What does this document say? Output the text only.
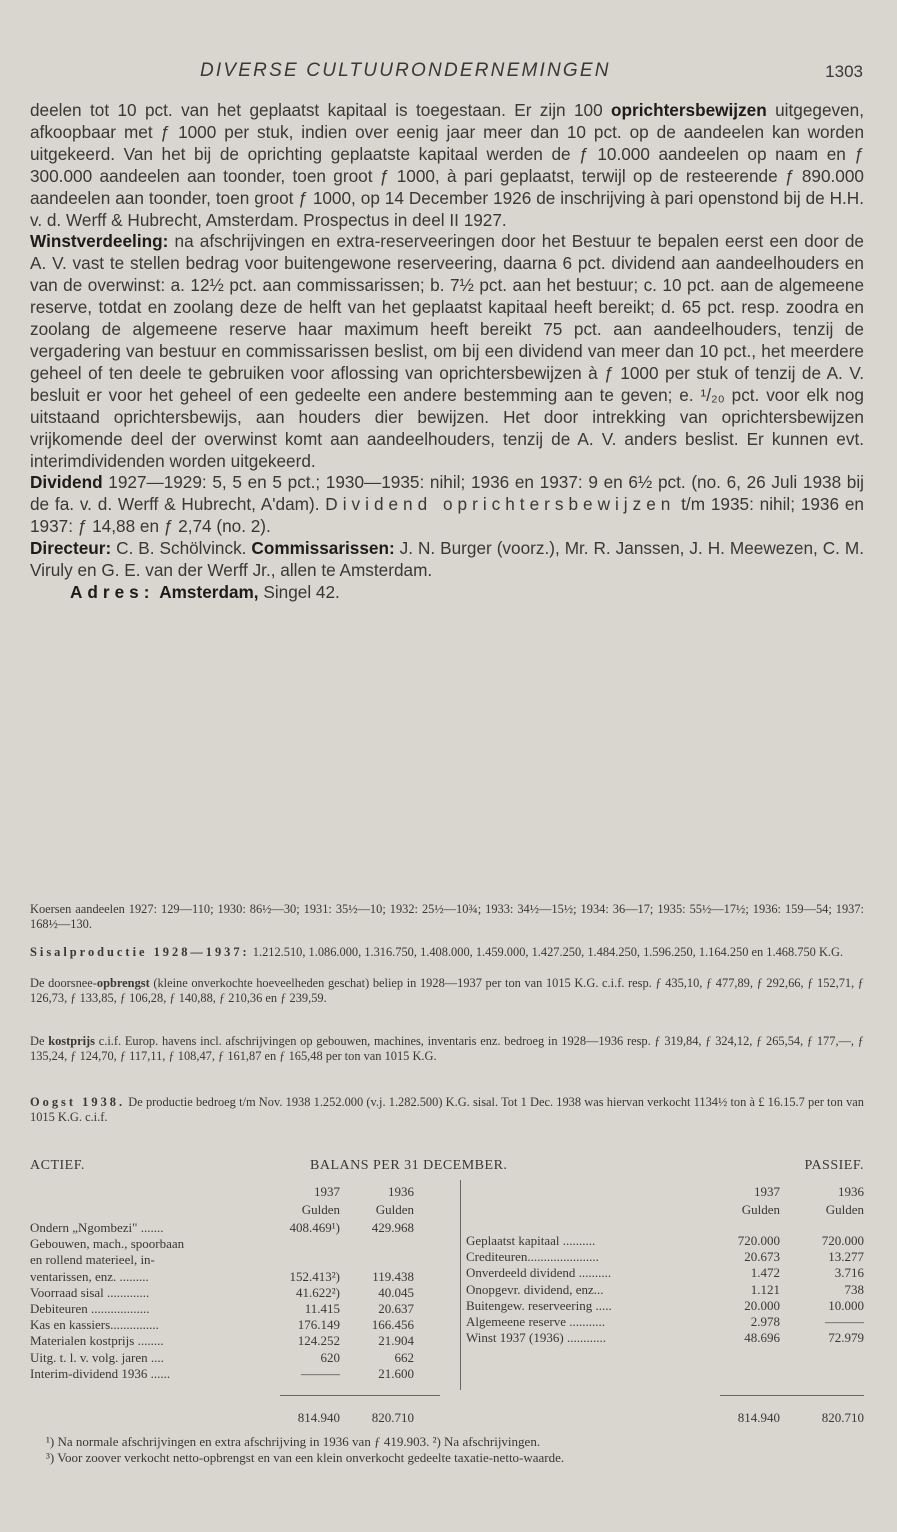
DIVERSE CULTUURONDERNEMINGEN	1303

deelen tot 10 pct. van het geplaatst kapitaal is toegestaan. Er zijn 100 oprichtersbewijzen uitgegeven, afkoopbaar met ƒ 1000 per stuk, indien over eenig jaar meer dan 10 pct. op de aandeelen kan worden uitgekeerd. Van het bij de oprichting geplaatste kapitaal werden de ƒ 10.000 aandeelen op naam en ƒ 300.000 aandeelen aan toonder, toen groot ƒ 1000, à pari geplaatst, terwijl op de resteerende ƒ 890.000 aandeelen aan toonder, toen groot ƒ 1000, op 14 December 1926 de inschrijving à pari openstond bij de H.H. v. d. Werff & Hubrecht, Amsterdam. Prospectus in deel II 1927.

Winstverdeeling: na afschrijvingen en extra-reserveeringen door het Bestuur te bepalen eerst een door de A. V. vast te stellen bedrag voor buitengewone reserveering, daarna 6 pct. dividend aan aandeelhouders en van de overwinst: a. 12½ pct. aan commissarissen; b. 7½ pct. aan het bestuur; c. 10 pct. aan de algemeene reserve, totdat en zoolang deze de helft van het geplaatst kapitaal heeft bereikt; d. 65 pct. resp. zoodra en zoolang de algemeene reserve haar maximum heeft bereikt 75 pct. aan aandeelhouders, tenzij de vergadering van bestuur en commissarissen beslist, om bij een dividend van meer dan 10 pct., het meerdere geheel of ten deele te gebruiken voor aflossing van oprichtersbewijzen à ƒ 1000 per stuk of tenzij de A. V. besluit er voor het geheel of een gedeelte een andere bestemming aan te geven; e. ¹/₂₀ pct. voor elk nog uitstaand oprichtersbewijs, aan houders dier bewijzen. Het door intrekking van oprichtersbewijzen vrijkomende deel der overwinst komt aan aandeelhouders, tenzij de A. V. anders beslist. Er kunnen evt. interimdividenden worden uitgekeerd.

Dividend 1927—1929: 5, 5 en 5 pct.; 1930—1935: nihil; 1936 en 1937: 9 en 6½ pct. (no. 6, 26 Juli 1938 bij de fa. v. d. Werff & Hubrecht, A'dam). Dividend oprichtersbewijzen t/m 1935: nihil; 1936 en 1937: ƒ 14,88 en ƒ 2,74 (no. 2).

Directeur: C. B. Schölvinck. Commissarissen: J. N. Burger (voorz.), Mr. R. Janssen, J. H. Meewezen, C. M. Viruly en G. E. van der Werff Jr., allen te Amsterdam.

Adres: Amsterdam, Singel 42.

Koersen aandeelen 1927: 129—110; 1930: 86½—30; 1931: 35½—10; 1932: 25½—10¾; 1933: 34½—15½; 1934: 36—17; 1935: 55½—17½; 1936: 159—54; 1937: 168½—130.
Sisalproductie 1928—1937: 1.212.510, 1.086.000, 1.316.750, 1.408.000, 1.459.000, 1.427.250, 1.484.250, 1.596.250, 1.164.250 en 1.468.750 K.G.
De doorsnee-opbrengst (kleine onverkochte hoeveelheden geschat) beliep in 1928—1937 per ton van 1015 K.G. c.i.f. resp. ƒ 435,10, ƒ 477,89, ƒ 292,66, ƒ 152,71, ƒ 126,73, ƒ 133,85, ƒ 106,28, ƒ 140,88, ƒ 210,36 en ƒ 239,59.
De kostprijs c.i.f. Europ. havens incl. afschrijvingen op gebouwen, machines, inventaris enz. bedroeg in 1928—1936 resp. ƒ 319,84, ƒ 324,12, ƒ 265,54, ƒ 177,—, ƒ 135,24, ƒ 124,70, ƒ 117,11, ƒ 108,47, ƒ 161,87 en ƒ 165,48 per ton van 1015 K.G.
Oogst 1938. De productie bedroeg t/m Nov. 1938 1.252.000 (v.j. 1.282.500) K.G. sisal. Tot 1 Dec. 1938 was hiervan verkocht 1134½ ton à £ 16.15.7 per ton van 1015 K.G. c.i.f.
ACTIEF.	BALANS PER 31 DECEMBER.	PASSIEF.
1937	1936	1937	1936
Gulden	Gulden	Gulden	Gulden
Ondern „Ngombezi" .......	408.469¹)	429.968
Gebouwen, mach., spoorbaan
en rollend materieel, in-
ventarissen, enz. .........	152.413²)	119.438
Voorraad sisal .............	41.622²)	40.045
Debiteuren ..................	11.415	20.637
Kas en kassiers...............	176.149	166.456
Materialen kostprijs ........	124.252	21.904
Uitg. t. l. v. volg. jaren ....	620	662
Interim-dividend 1936 ......	———	21.600
Geplaatst kapitaal ..........	720.000	720.000
Crediteuren......................	20.673	13.277
Onverdeeld dividend ..........	1.472	3.716
Onopgevr. dividend, enz...	1.121	738
Buitengew. reserveering .....	20.000	10.000
Algemeene reserve ...........	2.978	———
Winst 1937 (1936) ............	48.696	72.979
814.940	820.710	814.940	820.710
¹) Na normale afschrijvingen en extra afschrijving in 1936 van ƒ 419.903. ²) Na afschrijvingen.
³) Voor zoover verkocht netto-opbrengst en van een klein onverkocht gedeelte taxatie-netto-waarde.
